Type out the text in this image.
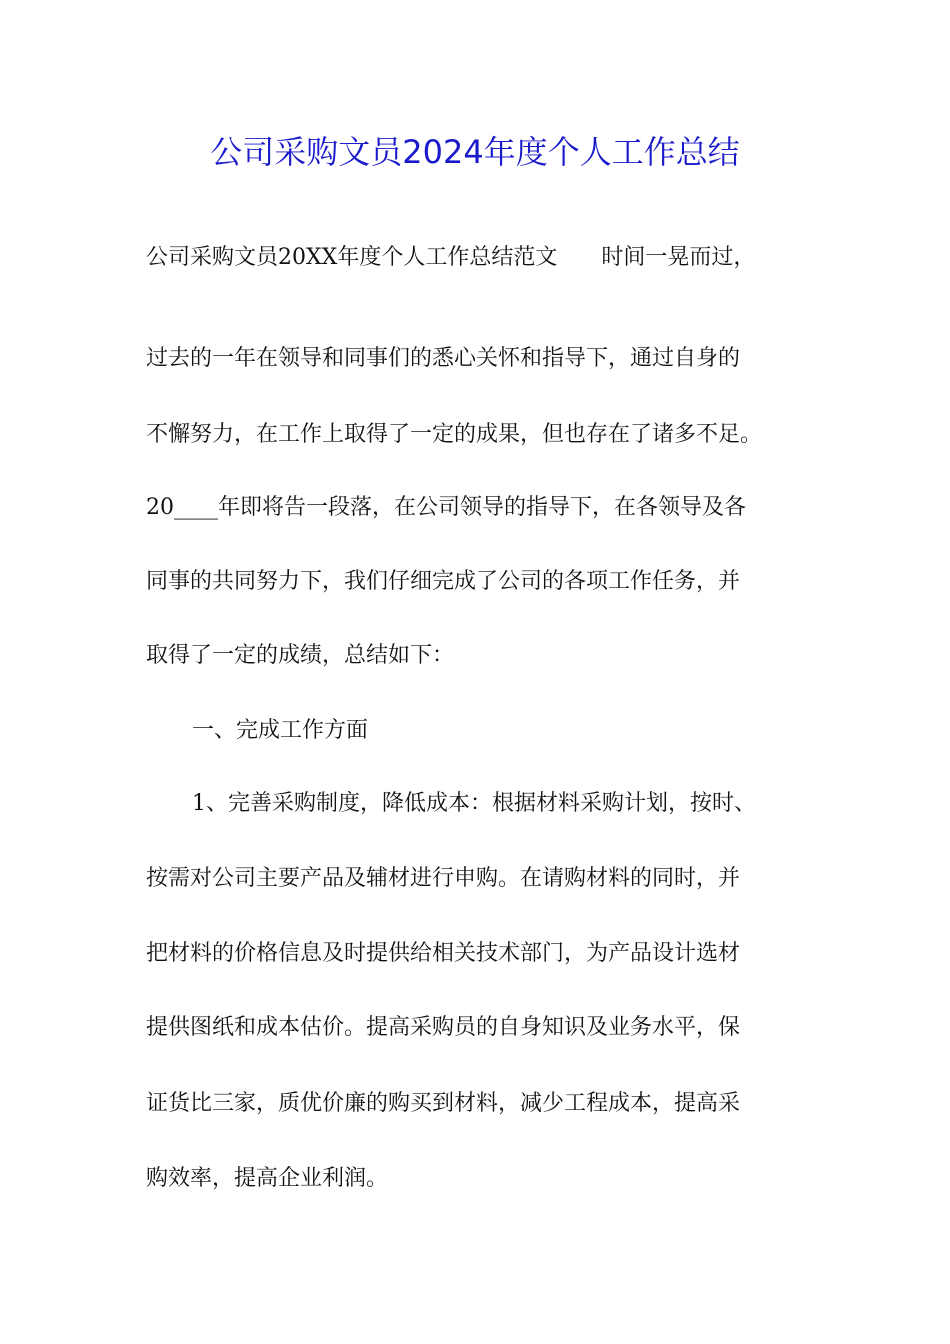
公司采购文员2024年度个人工作总结
公司采购文员20XX年度个人工作总结范文　　时间一晃而过，
过去的一年在领导和同事们的悉心关怀和指导下，通过自身的
不懈努力，在工作上取得了一定的成果，但也存在了诸多不足。
20____年即将告一段落，在公司领导的指导下，在各领导及各
同事的共同努力下，我们仔细完成了公司的各项工作任务，并
取得了一定的成绩，总结如下：
一、完成工作方面
1、完善采购制度，降低成本：根据材料采购计划，按时、
按需对公司主要产品及辅材进行申购。在请购材料的同时，并
把材料的价格信息及时提供给相关技术部门，为产品设计选材
提供图纸和成本估价。提高采购员的自身知识及业务水平，保
证货比三家，质优价廉的购买到材料，减少工程成本，提高采
购效率，提高企业利润。
